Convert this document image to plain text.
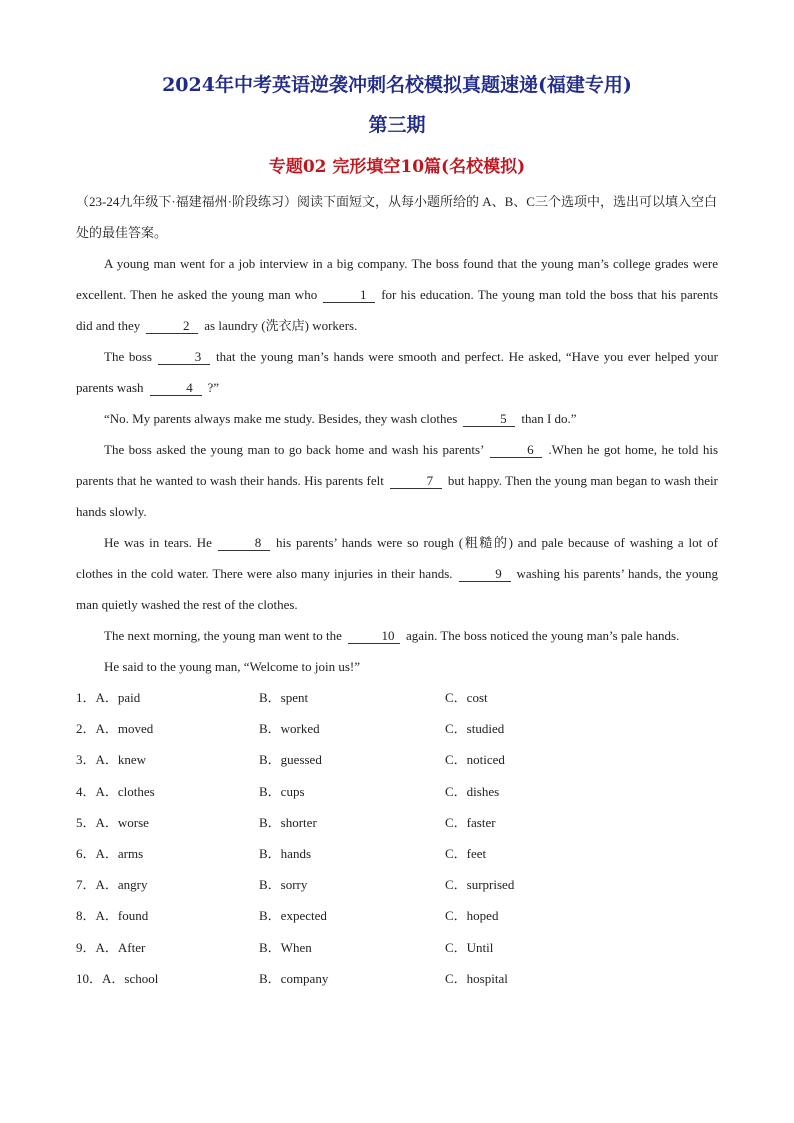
2024年中考英语逆袭冲刺名校模拟真题速递(福建专用)
第三期
专题02 完形填空10篇(名校模拟)

（23-24九年级下·福建福州·阶段练习）阅读下面短文，从每小题所给的 A、B、C三个选项中，选出可以填入空白处的最佳答案。

A young man went for a job interview in a big company. The boss found that the young man’s college grades were excellent. Then he asked the young man who	1 for his education. The young man told the boss that his parents did and they	2 as laundry (洗衣店) workers.

The boss	3 that the young man’s hands were smooth and perfect. He asked, “Have you ever helped your parents wash	4 ?”

“No. My parents always make me study. Besides, they wash clothes	5 than I do.”

The boss asked the young man to go back home and wash his parents’	6 .When he got home, he told his parents that he wanted to wash their hands. His parents felt	7 but happy. Then the young man began to wash their hands slowly.

He was in tears. He	8 his parents’ hands were so rough (粗糙的) and pale because of washing a lot of clothes in the cold water. There were also many injuries in their hands.	9 washing his parents’ hands, the young man quietly washed the rest of the clothes.

The next morning, the young man went to the	10 again. The boss noticed the young man’s pale hands.

He said to the young man, “Welcome to join us!”

1．A．paid	B．spent	C．cost
2．A．moved	B．worked	C．studied
3．A．knew	B．guessed	C．noticed
4．A．clothes	B．cups	C．dishes
5．A．worse	B．shorter	C．faster
6．A．arms	B．hands	C．feet
7．A．angry	B．sorry	C．surprised
8．A．found	B．expected	C．hoped
9．A．After	B．When	C．Until
10．A．school	B．company	C．hospital
